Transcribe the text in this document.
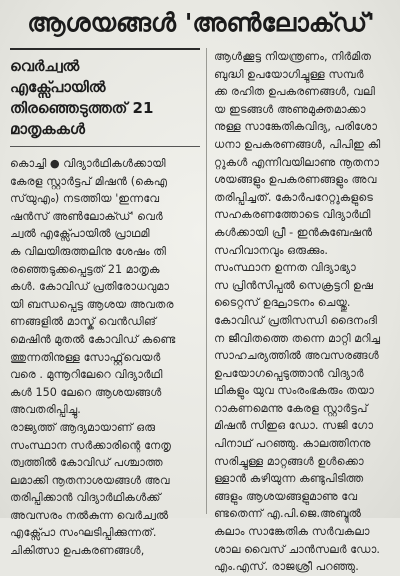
ആശയങ്ങൾ 'അൺലോക്ഡ്'
വെർച്വൽ
എക്സ്പോയിൽ
തിരഞ്ഞെടുത്തത് 21
മാതൃകകൾ

കൊച്ചി ● വിദ്യാർഥികൾക്കായി
കേരള സ്റ്റാർട്ടപ് മിഷൻ (കെഎ
സ്‌യുഎം) നടത്തിയ 'ഇന്നവേ
ഷൻസ് അൺലോക്ഡ്' വെർ
ച്വൽ എക്സ്പോയിൽ പ്രാഥമി
ക വിലയിരുത്തലിനു ശേഷം തി
രഞ്ഞെടുക്കപ്പെട്ടത് 21 മാതൃക
കൾ. കോവിഡ് പ്രതിരോധവുമാ
യി ബന്ധപ്പെട്ട ആശയ അവതര
ണങ്ങളിൽ മാസ്ക് വെൻഡിങ്
മെഷിൻ മുതൽ കോവിഡ് കണ്ടെ
ത്തുന്നതിനുള്ള സോഫ്റ്റ്‌വെയർ
വരെ . മുന്നൂറിലേറെ വിദ്യാർഥി
കൾ 150 ലേറെ ആശയങ്ങൾ
അവതരിപ്പിച്ചു.
രാജ്യത്ത് ആദ്യമായാണ് ഒരു
സംസ്ഥാന സർക്കാരിന്റെ നേതൃ
ത്വത്തിൽ കോവിഡ് പശ്ചാത്ത
ലമാക്കി നൂതനാശയങ്ങൾ അവ
തരിപ്പിക്കാൻ വിദ്യാർഥികൾക്ക്
അവസരം നൽകുന്ന വെർച്വൽ
എക്സ്പോ സംഘടിപ്പിക്കുന്നത്.
ചികിത്സാ ഉപകരണങ്ങൾ,

ആൾക്കൂട്ട നിയന്ത്രണം, നിർമിത
ബുദ്ധി ഉപയോഗിച്ചുള്ള സമ്പർ
ക്ക രഹിത ഉപകരണങ്ങൾ, വലി
യ ഇടങ്ങൾ അണുമുക്തമാക്കാ
നുള്ള സാങ്കേതികവിദ്യ, പരിശോ
ധനാ ഉപകരണങ്ങൾ, പിപിഇ കി
റ്റുകൾ എന്നിവയിലാണു നൂതനാ
ശയങ്ങളും ഉപകരണങ്ങളും അവ
തരിപ്പിച്ചത്. കോർപറേറ്റുകളുടെ
സഹകരണത്തോടെ വിദ്യാർഥി
കൾക്കായി പ്രീ - ഇൻകുബേഷൻ
സഹിവാനവും ഒരുക്കും.
സംസ്ഥാന ഉന്നത വിദ്യാഭ്യാ
സ പ്രിൻസിപ്പൽ സെക്രട്ടറി ഉഷ
ടൈറ്റസ് ഉദ്ഘാടനം ചെയ്തു.
കോവിഡ് പ്രതിസന്ധി ദൈനംദി
ന ജീവിതത്തെ തന്നെ മാറ്റി മറിച്ച
സാഹചര്യത്തിൽ അവസരങ്ങൾ
ഉപയോഗപ്പെടുത്താൻ വിദ്യാർ
ഥികളും യുവ സംരംഭകരും തയാ
റാകണമെന്നു കേരള സ്റ്റാർട്ടപ്
മിഷൻ സിഇഒ ഡോ. സജി ഗോ
പിനാഥ് പറഞ്ഞു. കാലത്തിനനു
സരിച്ചുള്ള മാറ്റങ്ങൾ ഉൾക്കൊ
ള്ളാൻ കഴിയുന്ന കണ്ടുപിടിത്ത
ങ്ങളും ആശയങ്ങളുമാണു വേ
ണ്ടതെന്ന് എ.പി.ജെ.അബ്ദുൽ
കലാം സാങ്കേതിക സർവകലാ
ശാല വൈസ് ചാൻസലർ ഡോ.
എം.എസ്. രാജശ്രീ പറഞ്ഞു.
